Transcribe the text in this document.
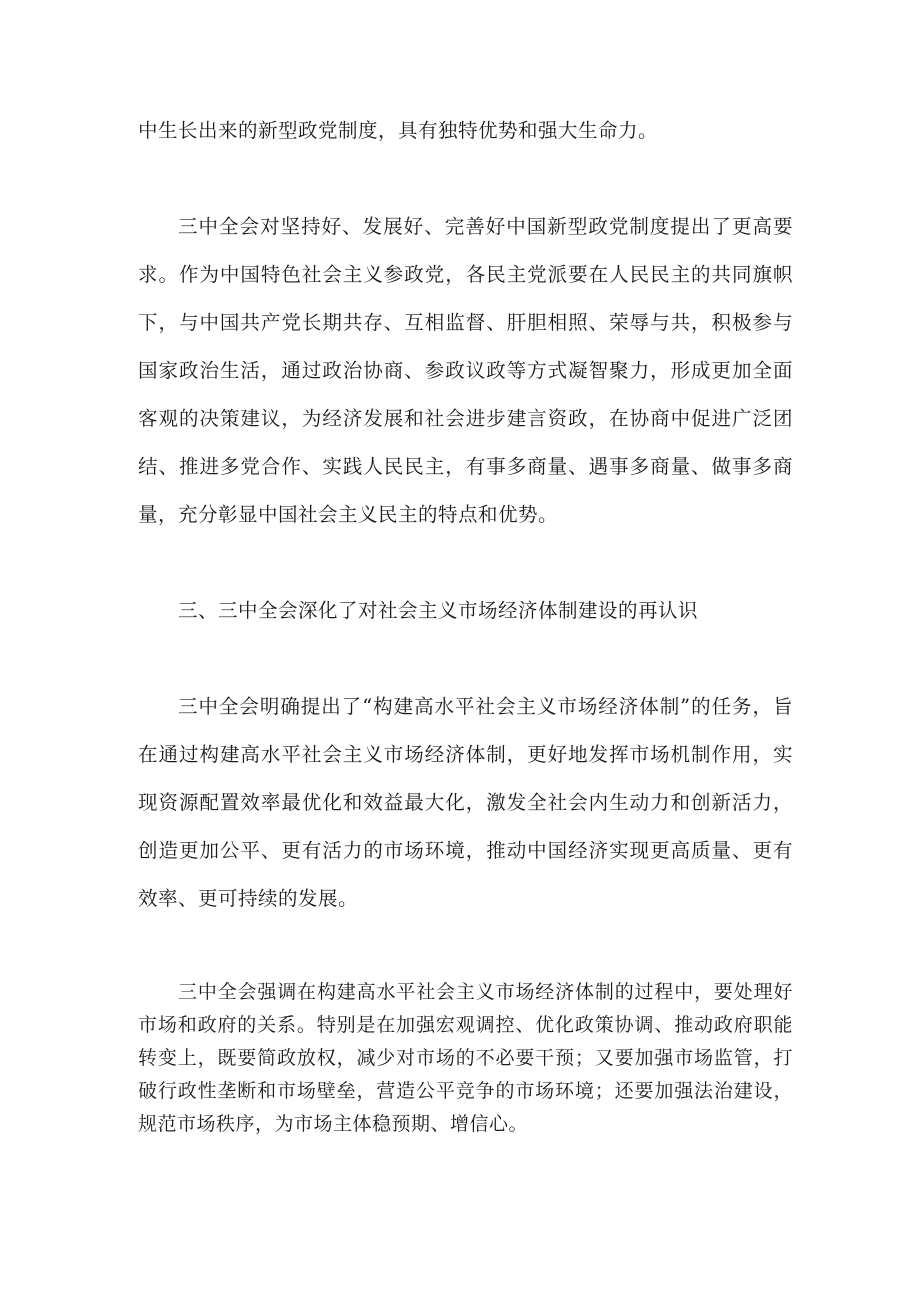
中生长出来的新型政党制度，具有独特优势和强大生命力。

三中全会对坚持好、发展好、完善好中国新型政党制度提出了更高要求。作为中国特色社会主义参政党，各民主党派要在人民民主的共同旗帜下，与中国共产党长期共存、互相监督、肝胆相照、荣辱与共，积极参与国家政治生活，通过政治协商、参政议政等方式凝智聚力，形成更加全面客观的决策建议，为经济发展和社会进步建言资政，在协商中促进广泛团结、推进多党合作、实践人民民主，有事多商量、遇事多商量、做事多商量，充分彰显中国社会主义民主的特点和优势。

三、三中全会深化了对社会主义市场经济体制建设的再认识

三中全会明确提出了“构建高水平社会主义市场经济体制”的任务，旨在通过构建高水平社会主义市场经济体制，更好地发挥市场机制作用，实现资源配置效率最优化和效益最大化，激发全社会内生动力和创新活力，创造更加公平、更有活力的市场环境，推动中国经济实现更高质量、更有效率、更可持续的发展。

三中全会强调在构建高水平社会主义市场经济体制的过程中，要处理好市场和政府的关系。特别是在加强宏观调控、优化政策协调、推动政府职能转变上，既要简政放权，减少对市场的不必要干预；又要加强市场监管，打破行政性垄断和市场壁垒，营造公平竞争的市场环境；还要加强法治建设，规范市场秩序，为市场主体稳预期、增信心。
